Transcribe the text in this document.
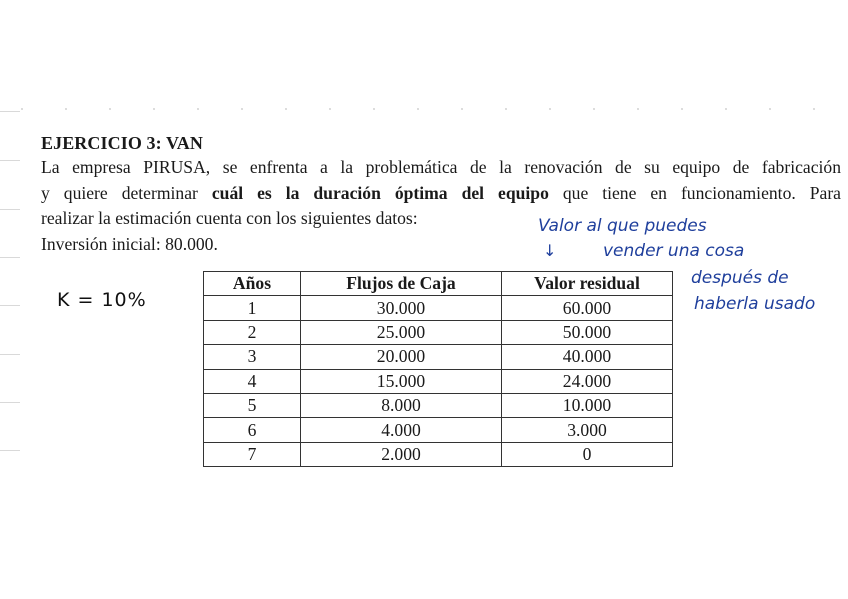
EJERCICIO 3: VAN
La empresa PIRUSA, se enfrenta a la problemática de la renovación de su equipo de fabricación
y quiere determinar cuál es la duración óptima del equipo que tiene en funcionamiento. Para
realizar la estimación cuenta con los siguientes datos:
Inversión inicial: 80.000.
Años	Flujos de Caja	Valor residual
1	30.000	60.000
2	25.000	50.000
3	20.000	40.000
4	15.000	24.000
5	8.000	10.000
6	4.000	3.000
7	2.000	0
K = 10%
Valor al que puedes
↓	vender una cosa
después de
haberla usado
